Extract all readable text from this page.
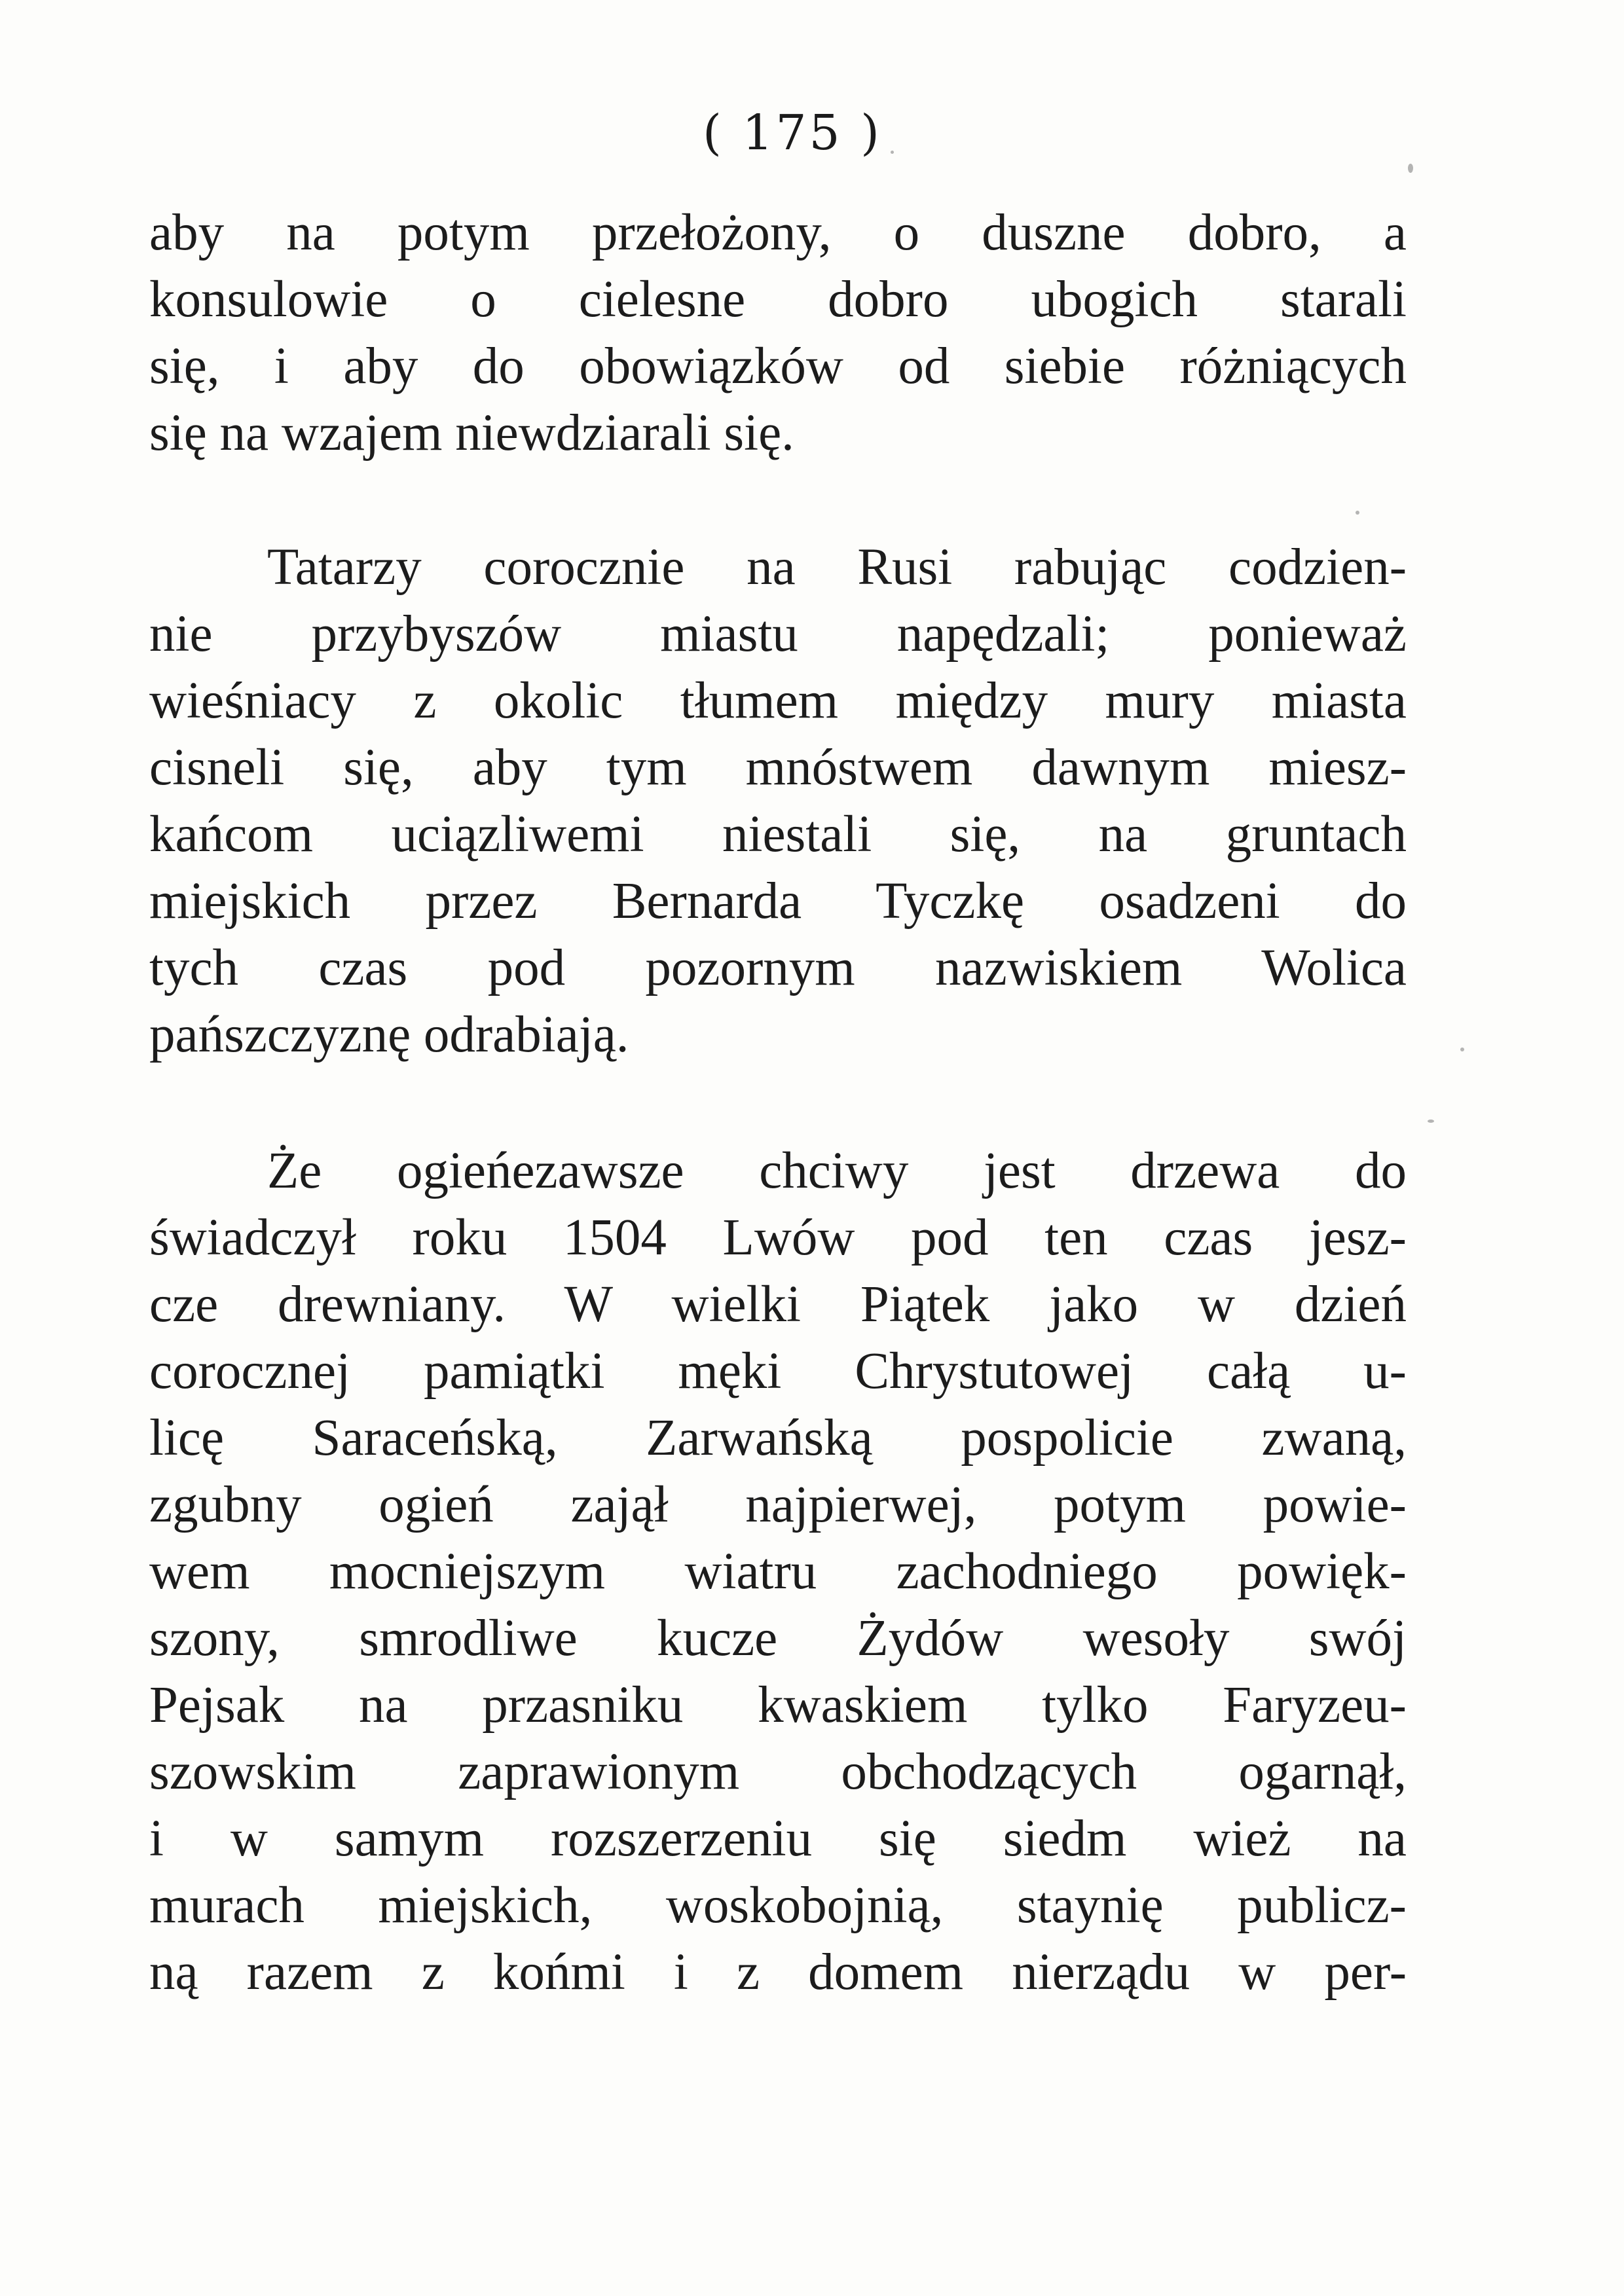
( 175 )
aby na potym przełożony, o duszne dobro, a
konsulowie o cielesne dobro ubogich starali
się, i aby do obowiązków od siebie różniących
się na wzajem niewdziarali się.
Tatarzy corocznie na Rusi rabując codzien-
nie przybyszów miastu napędzali; ponieważ
wieśniacy z okolic tłumem między mury miasta
cisneli się, aby tym mnóstwem dawnym miesz-
kańcom uciązliwemi niestali się, na gruntach
miejskich przez Bernarda Tyczkę osadzeni do
tych czas pod pozornym nazwiskiem Wolica
pańszczyznę odrabiają.
Że ogieńezawsze chciwy jest drzewa do
świadczył roku 1504 Lwów pod ten czas jesz-
cze drewniany. W wielki Piątek jako w dzień
corocznej pamiątki męki Chrystutowej całą u-
licę Saraceńską, Zarwańską pospolicie zwaną,
zgubny ogień zajął najpierwej, potym powie-
wem mocniejszym wiatru zachodniego powięk-
szony, smrodliwe kucze Żydów wesoły swój
Pejsak na przasniku kwaskiem tylko Faryzeu-
szowskim zaprawionym obchodzących ogarnął,
i w samym rozszerzeniu się siedm wież na
murach miejskich, woskobojnią, staynię publicz-
ną razem z końmi i z domem nierządu w per-
